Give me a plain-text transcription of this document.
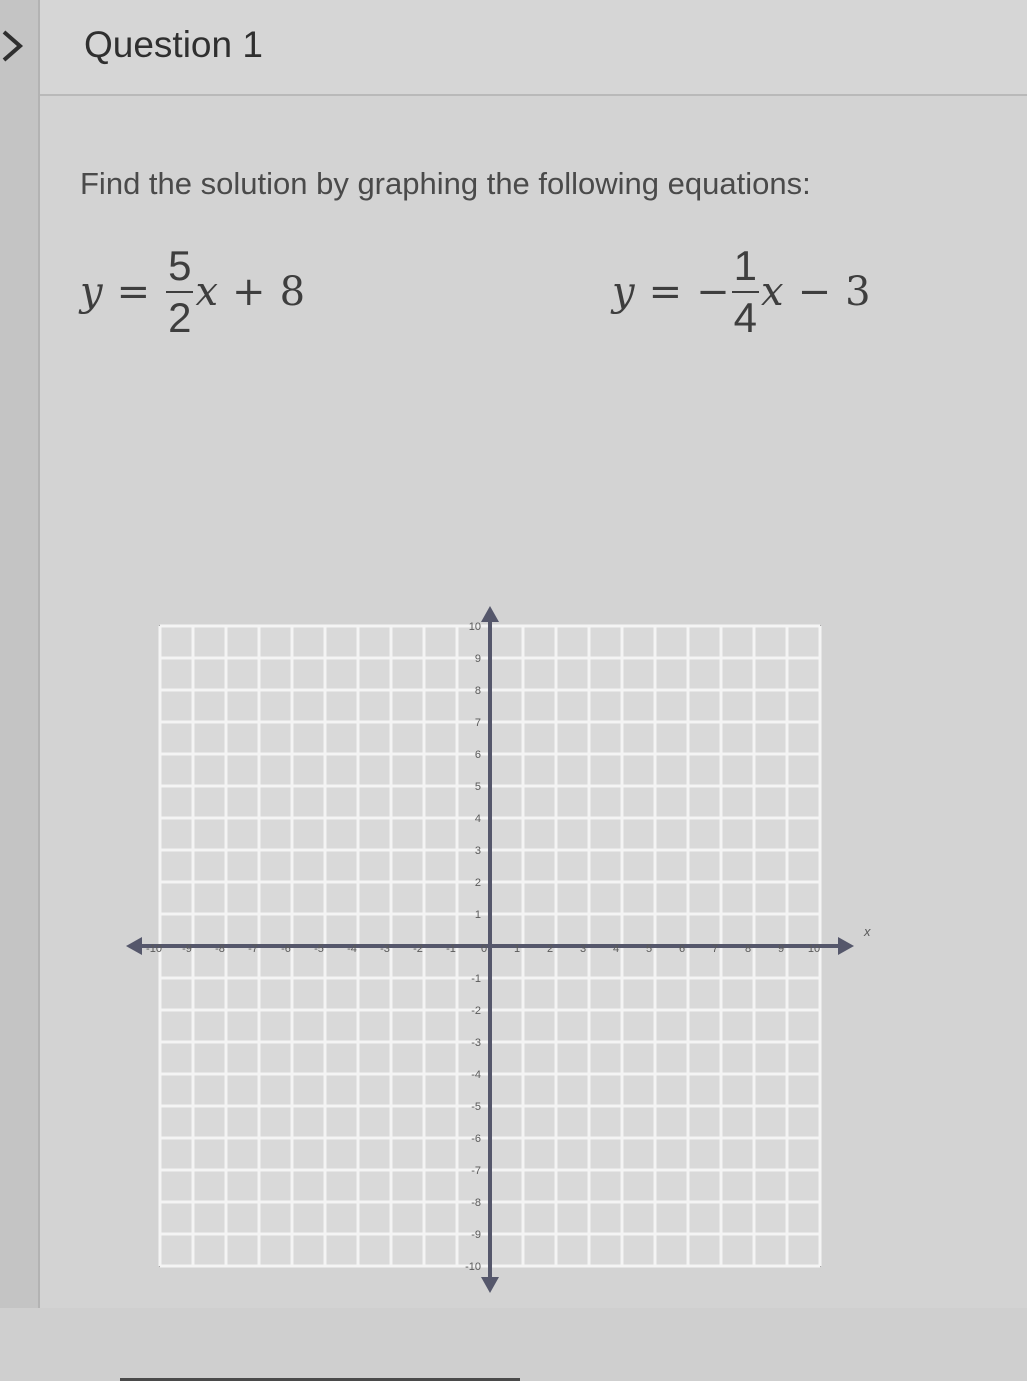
Question 1
Find the solution by graphing the following equations:
$y = \frac{5}{2}$ x + 8	y = − $\frac{1}{4}$ x − 3
-10 -9 -8 -7 -6 -5 -4 -3 -2 -1 0 1 2 3 4 5 6 7 8 9 10
10
9
8
7
6
5
4
3
2
1
-1
-2
-3
-4
-5
-6
-7
-8
-9
-10
x
